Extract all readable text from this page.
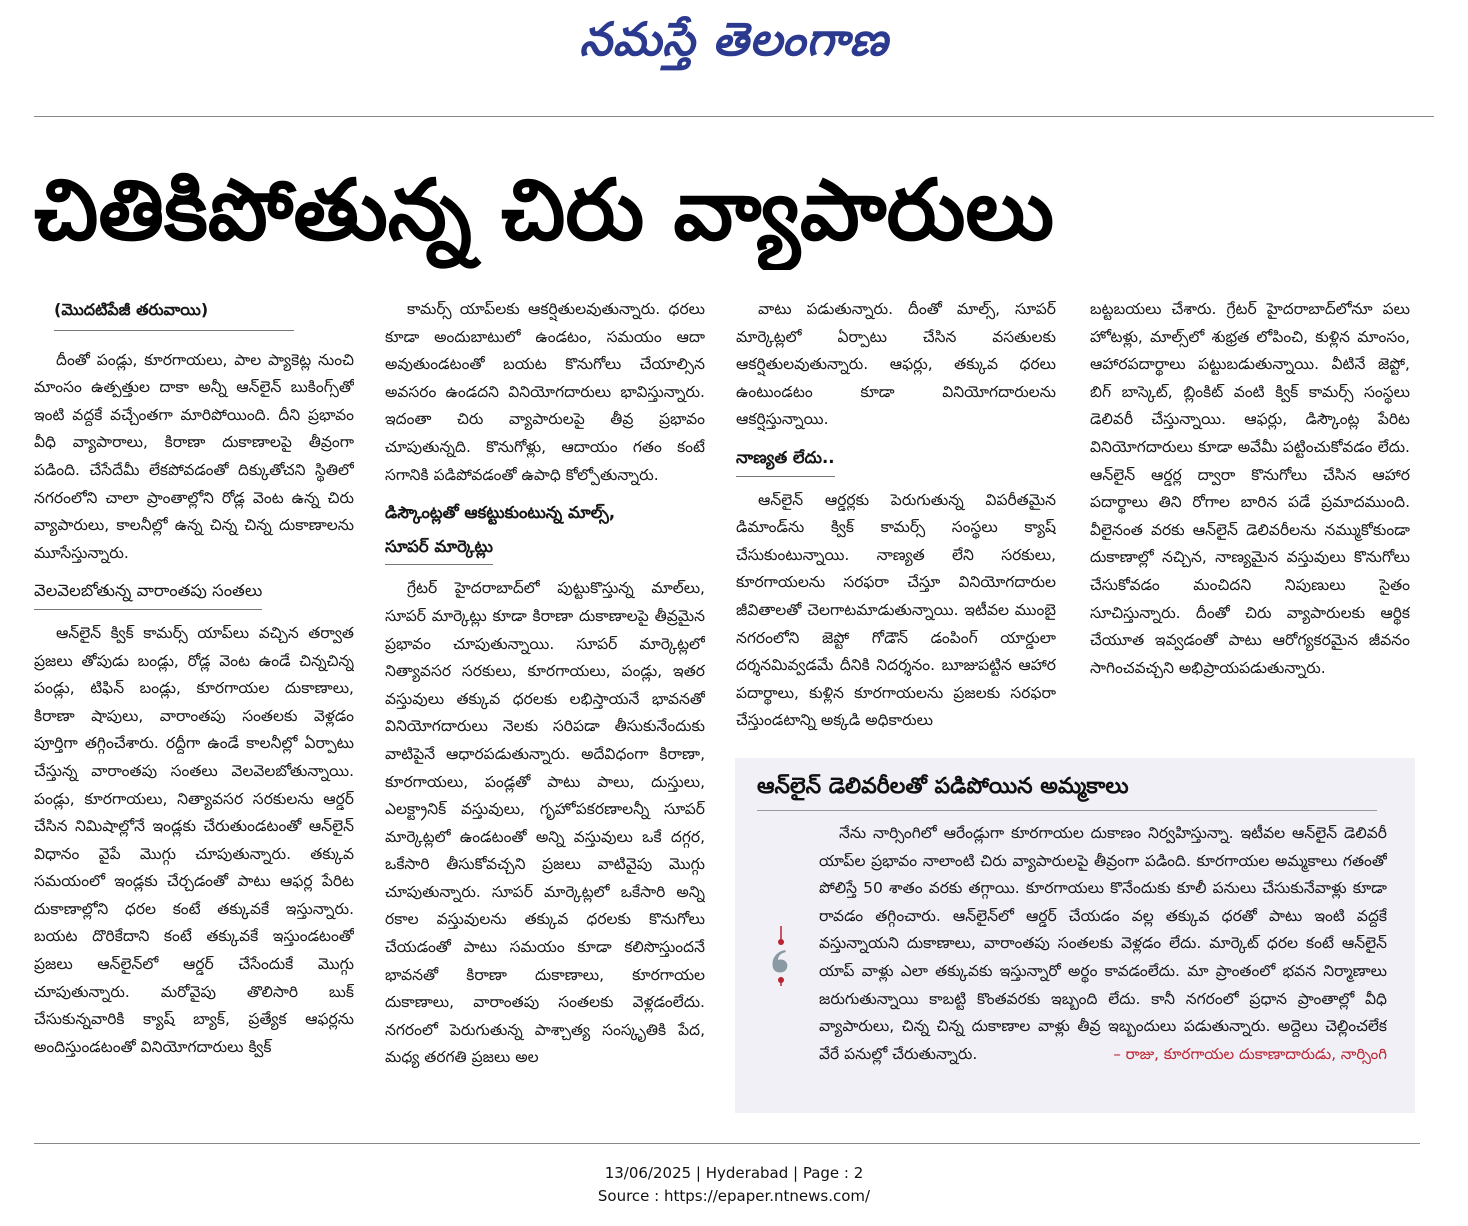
నమస్తే తెలంగాణ
చితికిపోతున్న చిరు వ్యాపారులు
(మొదటిపేజీ తరువాయి)

దీంతో పండ్లు, కూరగాయలు, పాల ప్యాకెట్ల నుంచి మాంసం ఉత్పత్తుల దాకా అన్నీ ఆన్‌లైన్ బుకింగ్స్‌తో ఇంటి వద్దకే వచ్చేంతగా మారిపోయింది. దీని ప్రభావం వీధి వ్యాపారాలు, కిరాణా దుకాణాలపై తీవ్రంగా పడింది. చేసేదేమీ లేకపోవడంతో దిక్కుతోచని స్థితిలో నగరంలోని చాలా ప్రాంతాల్లోని రోడ్ల వెంట ఉన్న చిరు వ్యాపారులు, కాలనీల్లో ఉన్న చిన్న చిన్న దుకాణాలను మూసేస్తున్నారు.

వెలవెలబోతున్న వారాంతపు సంతలు

ఆన్‌లైన్ క్విక్ కామర్స్ యాప్‌లు వచ్చిన తర్వాత ప్రజలు తోపుడు బండ్లు, రోడ్ల వెంట ఉండే చిన్నచిన్న పండ్లు, టిఫిన్ బండ్లు, కూరగాయల దుకాణాలు, కిరాణా షాపులు, వారాంతపు సంతలకు వెళ్లడం పూర్తిగా తగ్గించేశారు. రద్దీగా ఉండే కాలనీల్లో ఏర్పాటు చేస్తున్న వారాంతపు సంతలు వెలవెలబోతున్నాయి. పండ్లు, కూరగాయలు, నిత్యావసర సరకులను ఆర్డర్ చేసిన నిమిషాల్లోనే ఇండ్లకు చేరుతుండటంతో ఆన్‌లైన్ విధానం వైపే మొగ్గు చూపుతున్నారు. తక్కువ సమయంలో ఇండ్లకు చేర్చడంతో పాటు ఆఫర్ల పేరిట దుకాణాల్లోని ధరల కంటే తక్కువకే ఇస్తున్నారు. బయట దొరికేదాని కంటే తక్కువకే ఇస్తుండటంతో ప్రజలు ఆన్‌లైన్‌లో ఆర్డర్ చేసేందుకే మొగ్గు చూపుతున్నారు. మరోవైపు తొలిసారి బుక్ చేసుకున్నవారికి క్యాష్ బ్యాక్, ప్రత్యేక ఆఫర్లను అందిస్తుండటంతో వినియోగదారులు క్విక్

కామర్స్ యాప్‌లకు ఆకర్షితులవుతున్నారు. ధరలు కూడా అందుబాటులో ఉండటం, సమయం ఆదా అవుతుండటంతో బయట కొనుగోలు చేయాల్సిన అవసరం ఉండదని వినియోగదారులు భావిస్తున్నారు. ఇదంతా చిరు వ్యాపారులపై తీవ్ర ప్రభావం చూపుతున్నది. కొనుగోళ్లు, ఆదాయం గతం కంటే సగానికి పడిపోవడంతో ఉపాధి కోల్పోతున్నారు.

డిస్కౌంట్లతో ఆకట్టుకుంటున్న మాల్స్,
సూపర్ మార్కెట్లు

గ్రేటర్ హైదరాబాద్‌లో పుట్టుకొస్తున్న మాల్‌లు, సూపర్ మార్కెట్లు కూడా కిరాణా దుకాణాలపై తీవ్రమైన ప్రభావం చూపుతున్నాయి. సూపర్ మార్కెట్లలో నిత్యావసర సరకులు, కూరగాయలు, పండ్లు, ఇతర వస్తువులు తక్కువ ధరలకు లభిస్తాయనే భావనతో వినియోగదారులు నెలకు సరిపడా తీసుకునేందుకు వాటిపైనే ఆధారపడుతున్నారు. అదేవిధంగా కిరాణా, కూరగాయలు, పండ్లతో పాటు పాలు, దుస్తులు, ఎలక్ట్రానిక్ వస్తువులు, గృహోపకరణాలన్నీ సూపర్ మార్కెట్లలో ఉండటంతో అన్ని వస్తువులు ఒకే దగ్గర, ఒకేసారి తీసుకోవచ్చని ప్రజలు వాటివైపు మొగ్గు చూపుతున్నారు. సూపర్ మార్కెట్లలో ఒకేసారి అన్ని రకాల వస్తువులను తక్కువ ధరలకు కొనుగోలు చేయడంతో పాటు సమయం కూడా కలిసొస్తుందనే భావనతో కిరాణా దుకాణాలు, కూరగాయల దుకాణాలు, వారాంతపు సంతలకు వెళ్లడంలేదు. నగరంలో పెరుగుతున్న పాశ్చాత్య సంస్కృతికి పేద, మధ్య తరగతి ప్రజలు అల

వాటు పడుతున్నారు. దీంతో మాల్స్, సూపర్ మార్కెట్లలో ఏర్పాటు చేసిన వసతులకు ఆకర్షితులవుతున్నారు. ఆఫర్లు, తక్కువ ధరలు ఉంటుండటం కూడా వినియోగదారులను ఆకర్షిస్తున్నాయి.

నాణ్యత లేదు..

ఆన్‌లైన్ ఆర్డర్లకు పెరుగుతున్న విపరీతమైన డిమాండ్‌ను క్విక్ కామర్స్ సంస్థలు క్యాష్ చేసుకుంటున్నాయి. నాణ్యత లేని సరకులు, కూరగాయలను సరఫరా చేస్తూ వినియోగదారుల జీవితాలతో చెలగాటమాడుతున్నాయి. ఇటీవల ముంబై నగరంలోని జెప్టో గోడౌన్ డంపింగ్ యార్డులా దర్శనమివ్వడమే దీనికి నిదర్శనం. బూజుపట్టిన ఆహార పదార్థాలు, కుళ్లిన కూరగాయలను ప్రజలకు సరఫరా చేస్తుండటాన్ని అక్కడి అధికారులు

బట్టబయలు చేశారు. గ్రేటర్ హైదరాబాద్‌లోనూ పలు హోటళ్లు, మాల్స్‌లో శుభ్రత లోపించి, కుళ్లిన మాంసం, ఆహారపదార్థాలు పట్టుబడుతున్నాయి. వీటినే జెప్టో, బిగ్ బాస్కెట్, బ్లింకిట్ వంటి క్విక్ కామర్స్ సంస్థలు డెలివరీ చేస్తున్నాయి. ఆఫర్లు, డిస్కౌంట్ల పేరిట వినియోగదారులు కూడా అవేమీ పట్టించుకోవడం లేదు. ఆన్‌లైన్ ఆర్డర్ల ద్వారా కొనుగోలు చేసిన ఆహార పదార్థాలు తిని రోగాల బారిన పడే ప్రమాదముంది. వీలైనంత వరకు ఆన్‌లైన్ డెలివరీలను నమ్ముకోకుండా దుకాణాల్లో నచ్చిన, నాణ్యమైన వస్తువులు కొనుగోలు చేసుకోవడం మంచిదని నిపుణులు సైతం సూచిస్తున్నారు. దీంతో చిరు వ్యాపారులకు ఆర్థిక చేయూత ఇవ్వడంతో పాటు ఆరోగ్యకరమైన జీవనం సాగించవచ్చని అభిప్రాయపడుతున్నారు.

ఆన్‌లైన్ డెలివరీలతో పడిపోయిన అమ్మకాలు

నేను నార్సింగిలో ఆరేండ్లుగా కూరగాయల దుకాణం నిర్వహిస్తున్నా. ఇటీవల ఆన్‌లైన్ డెలివరీ యాప్‌ల ప్రభావం నాలాంటి చిరు వ్యాపారులపై తీవ్రంగా పడింది. కూరగాయల అమ్మకాలు గతంతో పోలిస్తే 50 శాతం వరకు తగ్గాయి. కూరగాయలు కొనేందుకు కూలీ పనులు చేసుకునేవాళ్లు కూడా రావడం తగ్గించారు. ఆన్‌లైన్‌లో ఆర్డర్ చేయడం వల్ల తక్కువ ధరతో పాటు ఇంటి వద్దకే వస్తున్నాయని దుకాణాలు, వారాంతపు సంతలకు వెళ్లడం లేదు. మార్కెట్ ధరల కంటే ఆన్‌లైన్ యాప్ వాళ్లు ఎలా తక్కువకు ఇస్తున్నారో అర్థం కావడంలేదు. మా ప్రాంతంలో భవన నిర్మాణాలు జరుగుతున్నాయి కాబట్టి కొంతవరకు ఇబ్బంది లేదు. కానీ నగరంలో ప్రధాన ప్రాంతాల్లో వీధి వ్యాపారులు, చిన్న చిన్న దుకాణాల వాళ్లు తీవ్ర ఇబ్బందులు పడుతున్నారు. అద్దెలు చెల్లించలేక వేరే పనుల్లో చేరుతున్నారు.	– రాజు, కూరగాయల దుకాణాదారుడు, నార్సింగి

13/06/2025 | Hyderabad | Page : 2
Source : https://epaper.ntnews.com/
